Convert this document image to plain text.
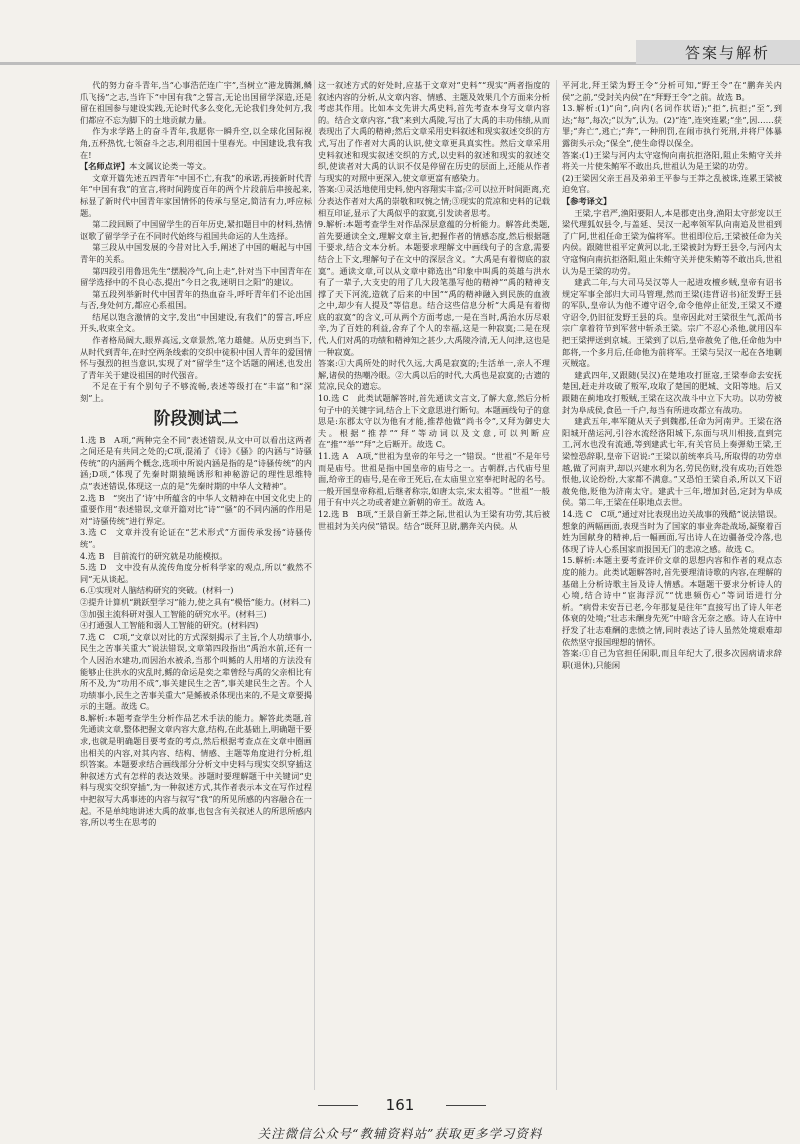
答案与解析

代的努力奋斗青年,当“心事浩茫连广宇”,当树立“港龙腾渊,鳞爪飞扬”之志,当许下“中国有我”之誓言,无论出国留学深造,还是留在祖国参与建设实践,无论时代多么变化,无论我们身处何方,我们都应不忘为脚下的土地贡献力量。

作为求学路上的奋斗青年,我愿你一瞬升空,以全球化国际视角,五杯热忱,七领奋斗之志,利用祖国十里春光。中国建设,我有我在!

【名师点评】本文属议论类一等文。

文章开篇先述五四青年“中国不亡,有我”的承诺,再接新时代青年“中国有我”的宣言,将时间跨度百年的两个片段前后串接起来,标显了新时代中国青年家国情怀的传承与坚定,简洁有力,呼应标题。

第二段回顾了中国留学生的百年历史,紧扣题目中的材料,热情讴歌了留学学子在不同时代始终与祖国共命运的人生选择。

第三段从中国发展的今昔对比入手,阐述了中国的崛起与中国青年的关系。

第四段引用鲁迅先生“摆脱冷气,向上走”,针对当下中国青年在留学选择中的不良心态,提出“今日之我,迷明日之阳”的建议。

第五段列举新时代中国青年的热血奋斗,呼吁青年们不论出国与否,身处何方,都应心系祖国。

结尾以饱含激情的文字,发出“中国建设,有我们”的誓言,呼应开头,收束全文。

作者格局阔大,眼界高远,文章景然,笔力雄健。从历史到当下,从时代到青年,在时空两条线索的交织中徒积中国人青年的爱国情怀与强烈的担当意识,实现了对“留学生”这个话题的阐述,也发出了青年关于建设祖国的时代强音。

不足在于有个别句子不够流畅,表述等级打在“丰富”和“深刻”上。

阶段测试二

1.选 B　A项,“两种完全不同”表述错误,从文中可以看出这两者之间还是有共同之处的;C项,混淆了《诗》《骚》的内涵与“诗骚传统”的内涵两个概念,选项中所说内涵是指的是“诗骚传统”的内涵;D项,“体现了先秦时期猿绳诱形和神秘游记的理性思维特点”表述错误,体现这一点的是“先秦时期的中华人文精神”。

2.选 B　“突出了‘诗’中所蕴含的中华人文精神在中国文化史上的重要作用”表述错误,文章开篇对比“诗”“骚”的不同内涵的作用是对“诗骚传统”进行界定。

3.选 C　文章并没有论证在“艺术形式”方面传承发扬“诗骚传统”。

4.选 B　目前流行的研究就是功能模拟。

5.选 D　文中没有从流传角度分析科学家的观点,所以“截然不同”无从谈起。

6.①实现对人脑结构研究的突破。(材料一)

②提升计算机“跳跃型学习”能力,使之具有“模悟”能力。(材料二)

③加强主流科研对强人工智能的研究水平。(材料三)

④打通强人工智能和弱人工智能的研究。(材料四)

7.选 C　C项,“文章以对比的方式深刻揭示了主旨,个人功绩事小,民生之苦事关重大”说法错误,文章第四段指出“禹治水前,还有一个人因治水建功,而因治水被杀,当那个叫鲧的人用堵的方法没有能够止住洪水的灾乱时,鲧的命运是奕之辈曾经与禹的父亲相比有所不及,为“功用不成”,事关建民生之苦”,事关建民生之苦。个人功绩事小,民生之苦事关重大”是鲧被杀体现出来的,不是文章要揭示的主题。故选 C。

8.解析:本题考查学生分析作品艺术手法的能力。解答此类题,首先通读文章,整体把握文章内容大意,结构,在此基础上,明确题干要求,也就是明确题目要考查的考点,然后根据考查点在文章中圈画出相关的内容,对其内容、结构、情感、主题等角度进行分析,组织答案。本题要求结合画线部分分析文中史料与现实交织穿插这种叙述方式有怎样的表达效果。涉题时要理解题干中关键词“史料与现实交织穿插”,为一种叙述方式,其作者表示本文在写作过程中把叙写大禹事迹的内容与叙写“我”的所见所感的内容融合在一起。不是单纯地讲述大禹的故事,也包含有关叙述人的所思所感内容,所以考生在思考的

这一叙述方式的好处时,应基于文章对“史料”“现实”两者指度的叙述内容的分析,从文章内容、情感、主题及效果几个方面来分析考虑其作用。比如本文先讲大禹史料,首先考查本身写文章内容的。结合文章内容,“我”来到大禹陵,写出了大禹的丰功伟绩,从而表现出了大禹的精神;然后文章采用史料叙述和现实叙述交织的方式,写出了作者对大禹的认识,使文章更具真实性。然后文章采用史料叙述和现实叙述交织的方式,以史料的叙述和现实的叙述交织,使读者对大禹的认识不仅是停留在历史的层面上,还能从作者与现实的对照中更深入,使文章更富有感染力。

答案:①灵活地使用史料,使内容翔实丰富;②可以拉开时间距离,充分表达作者对大禹的崇敬和叹惋之情;③现实的荒凉和史料的记载相互印证,显示了大禹似乎的寂寞,引发读者思考。

9.解析:本题考查学生对作品深层意蕴的分析能力。解答此类题,首先要通读全文,理解文章主旨,把握作者的情感态度,然后根据题干要求,结合文本分析。本题要求理解文中画线句子的含意,需要结合上下文,理解句子在文中的深层含义。“大禹是有着彻底的寂寞”。通读文章,可以从文章中筛选出“印象中叫禹的英雄与洪水有了一辈子,大支史的用了几大段笔墨写他的精神”“禹的精神支撑了天下河流,造就了后来的中国”“禹的精神融入到民族的血液之中,却少有人提及”等信息。结合这些信息分析“大禹是有着彻底的寂寞”的含义,可从两个方面考虑,一是在当时,禹治水历尽艰辛,为了百姓的利益,舍弃了个人的幸福,这是一种寂寞;二是在现代,人们对禹的功绩和精神知之甚少,大禹陵冷清,无人问津,这也是一种寂寞。

答案:①大禹所处的时代久远,大禹是寂寞的;生活单一,亲人不理解,诸侯的热嘲冷眼。②大禹以后的时代,大禹也是寂寞的;古遗的荒凉,民众的遗忘。

10.选 C　此类试题解答时,首先通读文言文,了解大意,然后分析句子中的关键字词,结合上下文意思进行断句。本题画线句子的意思是:东郡太守以为他有才能,推荐他做“尚书令”,又拜为御史大夫。根据“推荐”“拜”等动词以及文意,可以判断应在“推”“举”“拜”之后断开。故选 C。

11.选 A　A项,“世祖为皇帝的年号之一”错误。“世祖”不是年号而是庙号。世祖是指中国皇帝的庙号之一。古朝群,古代庙号里面,给帝王的庙号,是在帝王死后,在太庙里立室奉祀时起的名号。一般开国皇帝称祖,后继者称宗,如唐太宗,宋太祖等。“世祖”一般用于有中兴之功或者建立新朝的帝王。故选 A。

12.选 B　B项,“王景自新王莽之际,世祖认为王梁有功劳,其后被世祖封为关内侯”错误。结合“既拜卫尉,鹏奔关内侯。从

平河北,拜王梁为野王令”分析可知,“野王令”在“鹏奔关内侯”之前,“受封关内侯”在“拜野王令”之前。故选 B。

13.解析:(1)“向”,向内(名词作状语);“拒”,抗拒;“至”,到达;“每”,每次;“以为”,认为。(2)“连”,连突连累;“坐”,因……获罪;“奔亡”,逃亡;“奔”,一种刑罚,在闹市执行死刑,并将尸体暴露街头示众;“保全”,使生命得以保全。

答案:(1)王梁与河内太守寇恂向南抗拒洛阳,阻止朱鲔守关并将关一片使朱鲔军不敢出兵,世祖认为是王梁的功劳。

(2)王梁因父亲王昌及弟弟王平参与王莽之乱被诛,连累王梁被迫免官。

【参考译文】

王梁,字君严,渔阳要阳人,本是郡吏出身,渔阳太守彭宠以王梁代理狐奴县令,与盖延、吴汉一起率领军队向南追及世祖到了广阿,世祖任命王梁为偏将军。世祖即位后,王梁被任命为关内侯。跟随世祖平定黄河以北,王梁被封为野王县令,与河内太守寇恂向南抗拒洛阳,阻止朱鲔守关并使朱鲔等不敢出兵,世祖认为是王梁的功劳。

建武二年,与大司马吴汉等人一起进攻檀乡贼,皇帝有诏书规定军事全部归大司马管理,然而王梁(违背诏书)征发野王县的军队,皇帝认为他不遵守诏令,命令他停止征发,王梁又不遵守诏令,仍旧征发野王县的兵。皇帝因此对王梁很生气,派尚书宗广拿着符节到军营中斩杀王梁。宗广不忍心杀他,就用囚车把王梁押送到京城。王梁到了以后,皇帝赦免了他,任命他为中郎将,一个多月后,任命他为前将军。王梁与吴汉一起在各地剿灭贼寇。

建武四年,又跟随(吴汉)在楚地攻打匪寇,王梁奉命去安抚楚国,赶走并攻破了叛军,攻取了楚国的肥城、文阳等地。后又跟随在蓟地攻打叛贼,王梁在这次战斗中立下大功。以功劳被封为阜成侯,食邑一千户,每当有所进攻都立有战功。

建武五年,率军随从天子到魏郡,任命为河南尹。王梁在洛阳城开凿运河,引谷水流经洛阳城下,东面与巩川相接,直到完工,河水也没有流通,等到建武七年,有关官员上奏弹劾王梁,王梁惶恐辞职,皇帝下诏说:“王梁以前统率兵马,所取得的功劳卓越,做了河南尹,却以兴建水利为名,劳民伤财,没有成功;百姓怨恨他,议论纷纷,大家都不满意。”又恐怕王梁自杀,所以又下诏赦免他,贬他为济南太守。建武十三年,增加封邑,定封为阜成侯。第二年,王梁在任职地点去世。

14.选 C　C项,“通过对比表现出边关战事的残酷”说法错误。想象的两幅画面,表现当时为了国家的事业奔赴战场,凝聚着百姓为国献身的精神,后一幅画面,写出诗人在边疆备受冷落,也体现了诗人心系国家而报国无门的悲凉之感。故选 C。

15.解析:本题主要考查评价文章的思想内容和作者的观点态度的能力。此类试题解答时,首先要理清诗歌的内容,在理解的基础上分析诗歌主旨及诗人情感。本题题干要求分析诗人的心境,结合诗中“宦海浮沉”“忧患频伤心”等词语进行分析。“病骨未安吾已老,今年那复是往年”直接写出了诗人年老体衰的处境;“壮志未酬身先死”中暗含无奈之感。诗人在诗中抒发了壮志难酬的悲愤之情,同时表达了诗人虽然处境艰难却依然坚守报国理想的情怀。

答案:①自己为官担任闲职,而且年纪大了,很多次因病请求辞职(退休),只能闲

161
关注微信公众号“教辅资料站”获取更多学习资料
